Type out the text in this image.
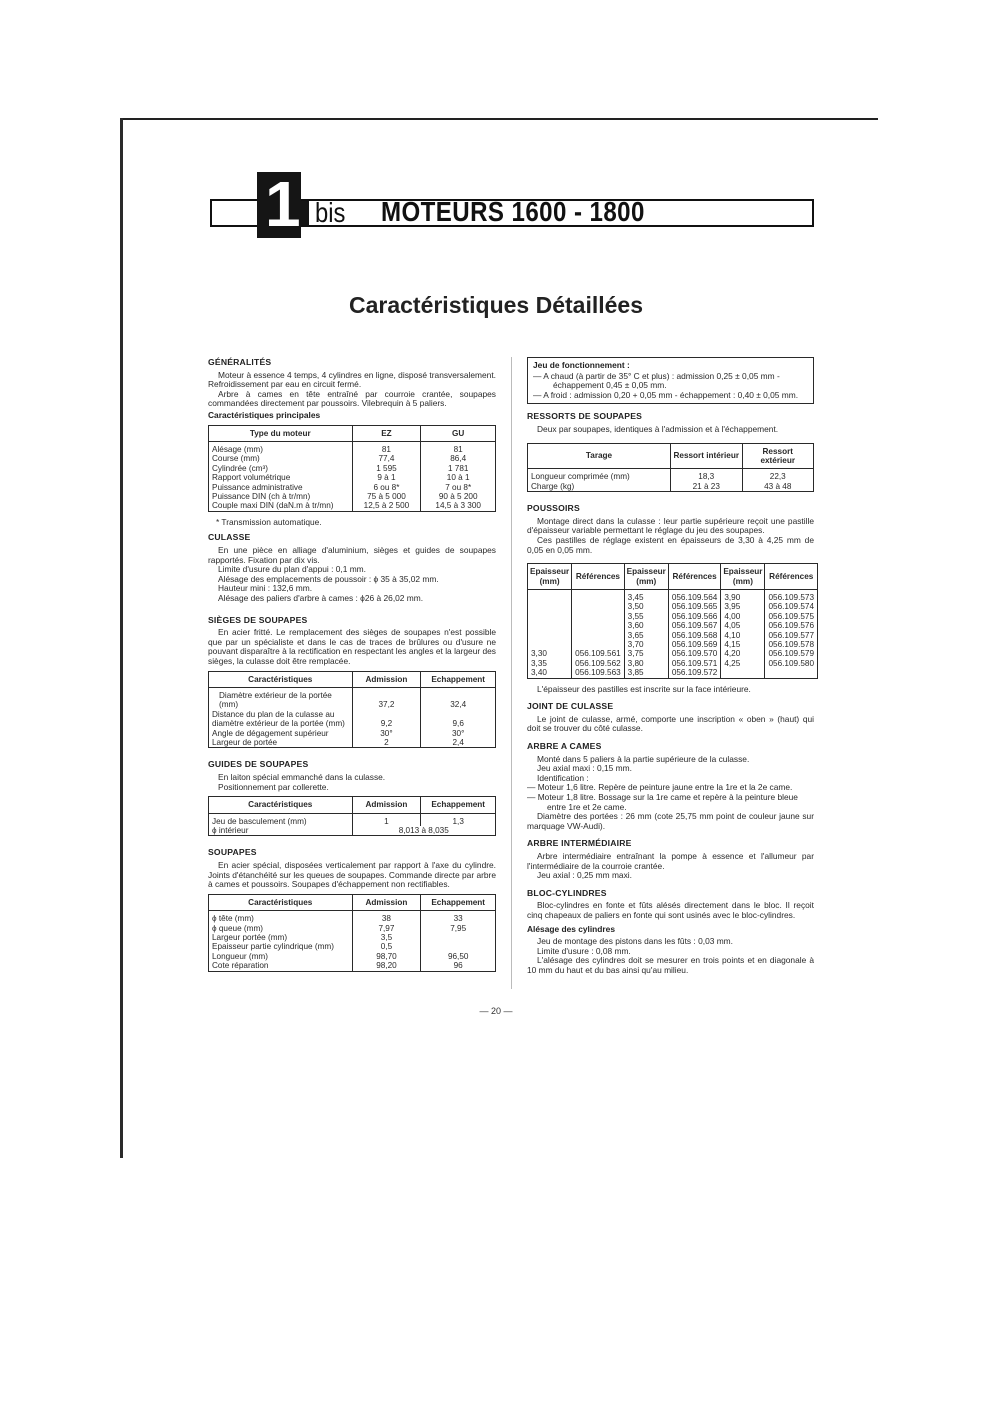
1 bis MOTEURS 1600 - 1800
Caractéristiques Détaillées
GÉNÉRALITÉS

Moteur à essence 4 temps, 4 cylindres en ligne, disposé transversalement. Refroidissement par eau en circuit fermé.

Arbre à cames en tête entraîné par courroie crantée, soupapes commandées directement par poussoirs. Vilebrequin à 5 paliers.

Caractéristiques principales
Type du moteur	EZ	GU
Alésage (mm)	81	81
Course (mm)	77,4	86,4
Cylindrée (cm³)	1 595	1 781
Rapport volumétrique	9 à 1	10 à 1
Puissance administrative	6 ou 8*	7 ou 8*
Puissance DIN (ch à tr/mn)	75 à 5 000	90 à 5 200
Couple maxi DIN (daN.m à tr/mn)	12,5 à 2 500	14,5 à 3 300

* Transmission automatique.

CULASSE

En une pièce en alliage d'aluminium, sièges et guides de soupapes rapportés. Fixation par dix vis.

Limite d'usure du plan d'appui : 0,1 mm.

Alésage des emplacements de poussoir : ϕ 35 à 35,02 mm.

Hauteur mini : 132,6 mm.

Alésage des paliers d'arbre à cames : ϕ26 à 26,02 mm.

SIÈGES DE SOUPAPES

En acier fritté. Le remplacement des sièges de soupapes n'est possible que par un spécialiste et dans le cas de traces de brûlures ou d'usure ne pouvant disparaître à la rectification en respectant les angles et la largeur des sièges, la culasse doit être remplacée.

Caractéristiques	Admission	Echappement
Diamètre extérieur de la portée (mm)	37,2	32,4
Distance du plan de la culasse au diamètre extérieur de la portée (mm)	9,2	9,6
Angle de dégagement supérieur	30°	30°
Largeur de portée	2	2,4
GUIDES DE SOUPAPES

En laiton spécial emmanché dans la culasse.

Positionnement par collerette.

Caractéristiques	Admission	Echappement
Jeu de basculement (mm)	1	1,3
ϕ intérieur	8,013 à 8,035	
SOUPAPES

En acier spécial, disposées verticalement par rapport à l'axe du cylindre. Joints d'étanchéité sur les queues de soupapes. Commande directe par arbre à cames et poussoirs. Soupapes d'échappement non rectifiables.

Caractéristiques	Admission	Echappement
ϕ tête (mm)	38	33
ϕ queue (mm)	7,97	7,95
Largeur portée (mm)	3,5	
Epaisseur partie cylindrique (mm)	0,5	
Longueur (mm)	98,70	96,50
Cote réparation	98,20	96
Jeu de fonctionnement :

— A chaud (à partir de 35° C et plus) : admission 0,25 ± 0,05 mm - échappement 0,45 ± 0,05 mm.

— A froid : admission 0,20 + 0,05 mm - échappement : 0,40 ± 0,05 mm.

RESSORTS DE SOUPAPES

Deux par soupapes, identiques à l'admission et à l'échappement.

Tarage	Ressort intérieur	Ressort extérieur
Longueur comprimée (mm)	18,3	22,3
Charge (kg)	21 à 23	43 à 48
POUSSOIRS

Montage direct dans la culasse : leur partie supérieure reçoit une pastille d'épaisseur variable permettant le réglage du jeu des soupapes.

Ces pastilles de réglage existent en épaisseurs de 3,30 à 4,25 mm de 0,05 en 0,05 mm.

Epaisseur (mm)	Références	Epaisseur (mm)	Références	Epaisseur (mm)	Références
		3,45	056.109.564	3,90	056.109.573
		3,50	056.109.565	3,95	056.109.574
		3,55	056.109.566	4,00	056.109.575
		3,60	056.109.567	4,05	056.109.576
		3,65	056.109.568	4,10	056.109.577
		3,70	056.109.569	4,15	056.109.578
3,30	056.109.561	3,75	056.109.570	4,20	056.109.579
3,35	056.109.562	3,80	056.109.571	4,25	056.109.580
3,40	056.109.563	3,85	056.109.572		

L'épaisseur des pastilles est inscrite sur la face intérieure.

JOINT DE CULASSE

Le joint de culasse, armé, comporte une inscription « oben » (haut) qui doit se trouver du côté culasse.

ARBRE A CAMES

Monté dans 5 paliers à la partie supérieure de la culasse.

Jeu axial maxi : 0,15 mm.

Identification :

— Moteur 1,6 litre. Repère de peinture jaune entre la 1re et la 2e came.

— Moteur 1,8 litre. Bossage sur la 1re came et repère à la peinture bleue entre 1re et 2e came.

Diamètre des portées : 26 mm (cote 25,75 mm point de couleur jaune sur marquage VW-Audi).

ARBRE INTERMÉDIAIRE

Arbre intermédiaire entraînant la pompe à essence et l'allumeur par l'intermédiaire de la courroie crantée.

Jeu axial : 0,25 mm maxi.

BLOC-CYLINDRES

Bloc-cylindres en fonte et fûts alésés directement dans le bloc. Il reçoit cinq chapeaux de paliers en fonte qui sont usinés avec le bloc-cylindres.

Alésage des cylindres

Jeu de montage des pistons dans les fûts : 0,03 mm.

Limite d'usure : 0,08 mm.

L'alésage des cylindres doit se mesurer en trois points et en diagonale à 10 mm du haut et du bas ainsi qu'au milieu.

— 20 —
